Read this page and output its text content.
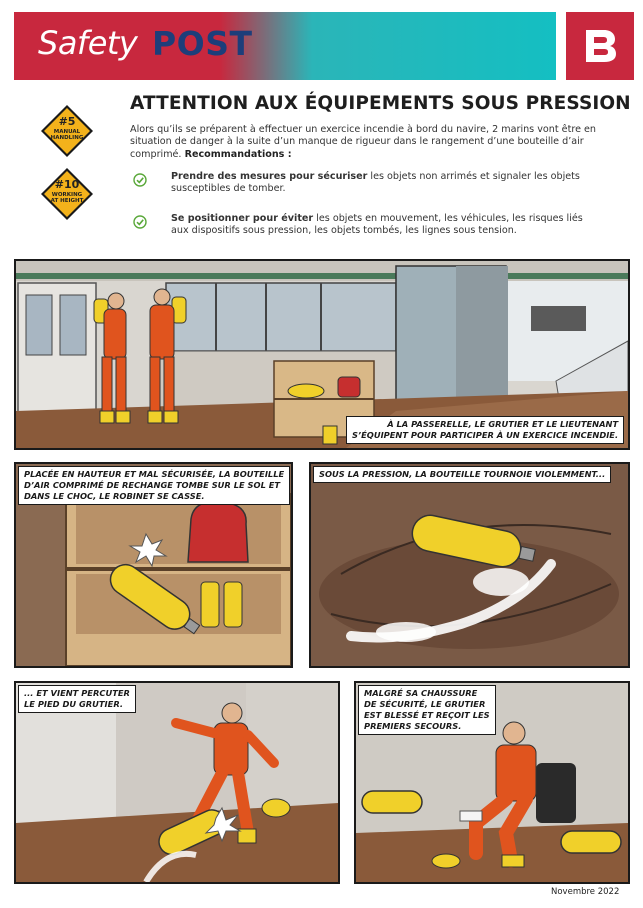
Safety POST
#5
MANUAL HANDLING
#10
WORKING AT HEIGHT
ATTENTION AUX ÉQUIPEMENTS SOUS PRESSION
Alors qu’ils se préparent à effectuer un exercice incendie à bord du navire, 2 marins vont être en situation de danger à la suite d’un manque de rigueur dans le rangement d’une bouteille d’air comprimé. Recommandations :
Prendre des mesures pour sécuriser les objets non arrimés et signaler les objets susceptibles de tomber.
Se positionner pour éviter les objets en mouvement, les véhicules, les risques liés aux dispositifs sous pression, les objets tombés, les lignes sous tension.
À LA PASSERELLE, LE GRUTIER ET LE LIEUTENANT
S’ÉQUIPENT POUR PARTICIPER À UN EXERCICE INCENDIE.
PLACÉE EN HAUTEUR ET MAL SÉCURISÉE, LA BOUTEILLE
D’AIR COMPRIMÉ DE RECHANGE TOMBE SUR LE SOL ET
DANS LE CHOC, LE ROBINET SE CASSE.
SOUS LA PRESSION, LA BOUTEILLE TOURNOIE VIOLEMMENT...
... ET VIENT PERCUTER
LE PIED DU GRUTIER.
MALGRÉ SA CHAUSSURE
DE SÉCURITÉ, LE GRUTIER
EST BLESSÉ ET REÇOIT LES
PREMIERS SECOURS.
Novembre 2022
